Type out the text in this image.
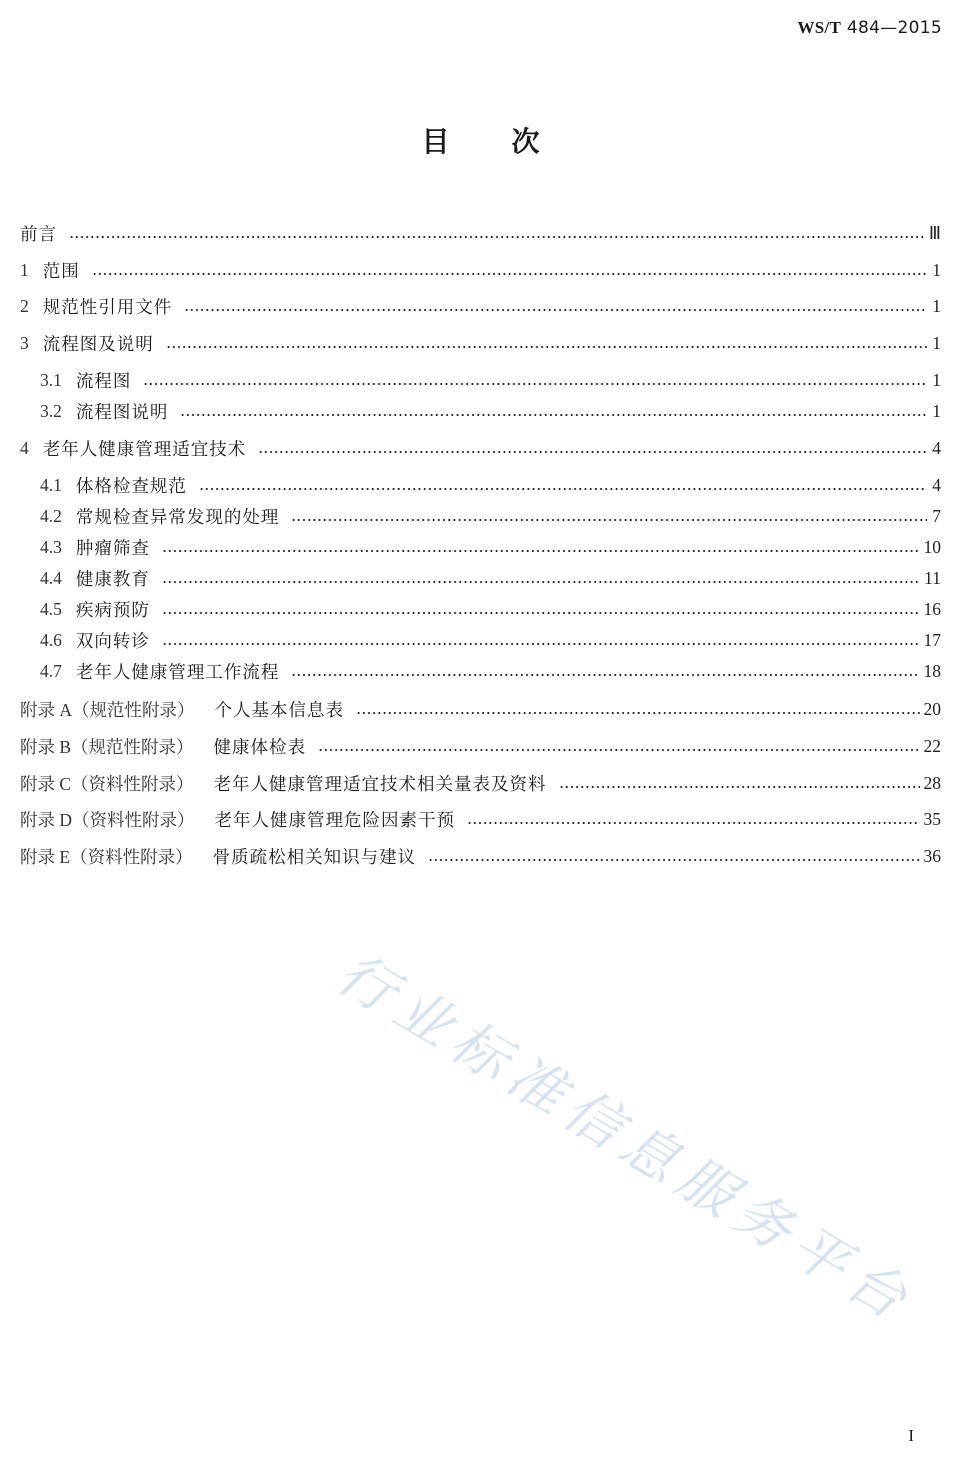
WS/T 484—2015
目 次
前言	Ⅲ
1 范围	1
2 规范性引用文件	1
3 流程图及说明	1
3.1 流程图	1
3.2 流程图说明	1
4 老年人健康管理适宜技术	4
4.1 体格检查规范	4
4.2 常规检查异常发现的处理	7
4.3 肿瘤筛查	10
4.4 健康教育	11
4.5 疾病预防	16
4.6 双向转诊	17
4.7 老年人健康管理工作流程	18
附录 A（规范性附录） 个人基本信息表	20
附录 B（规范性附录） 健康体检表	22
附录 C（资料性附录） 老年人健康管理适宜技术相关量表及资料	28
附录 D（资料性附录） 老年人健康管理危险因素干预	35
附录 E（资料性附录） 骨质疏松相关知识与建议	36
行业标准信息服务平台
I
